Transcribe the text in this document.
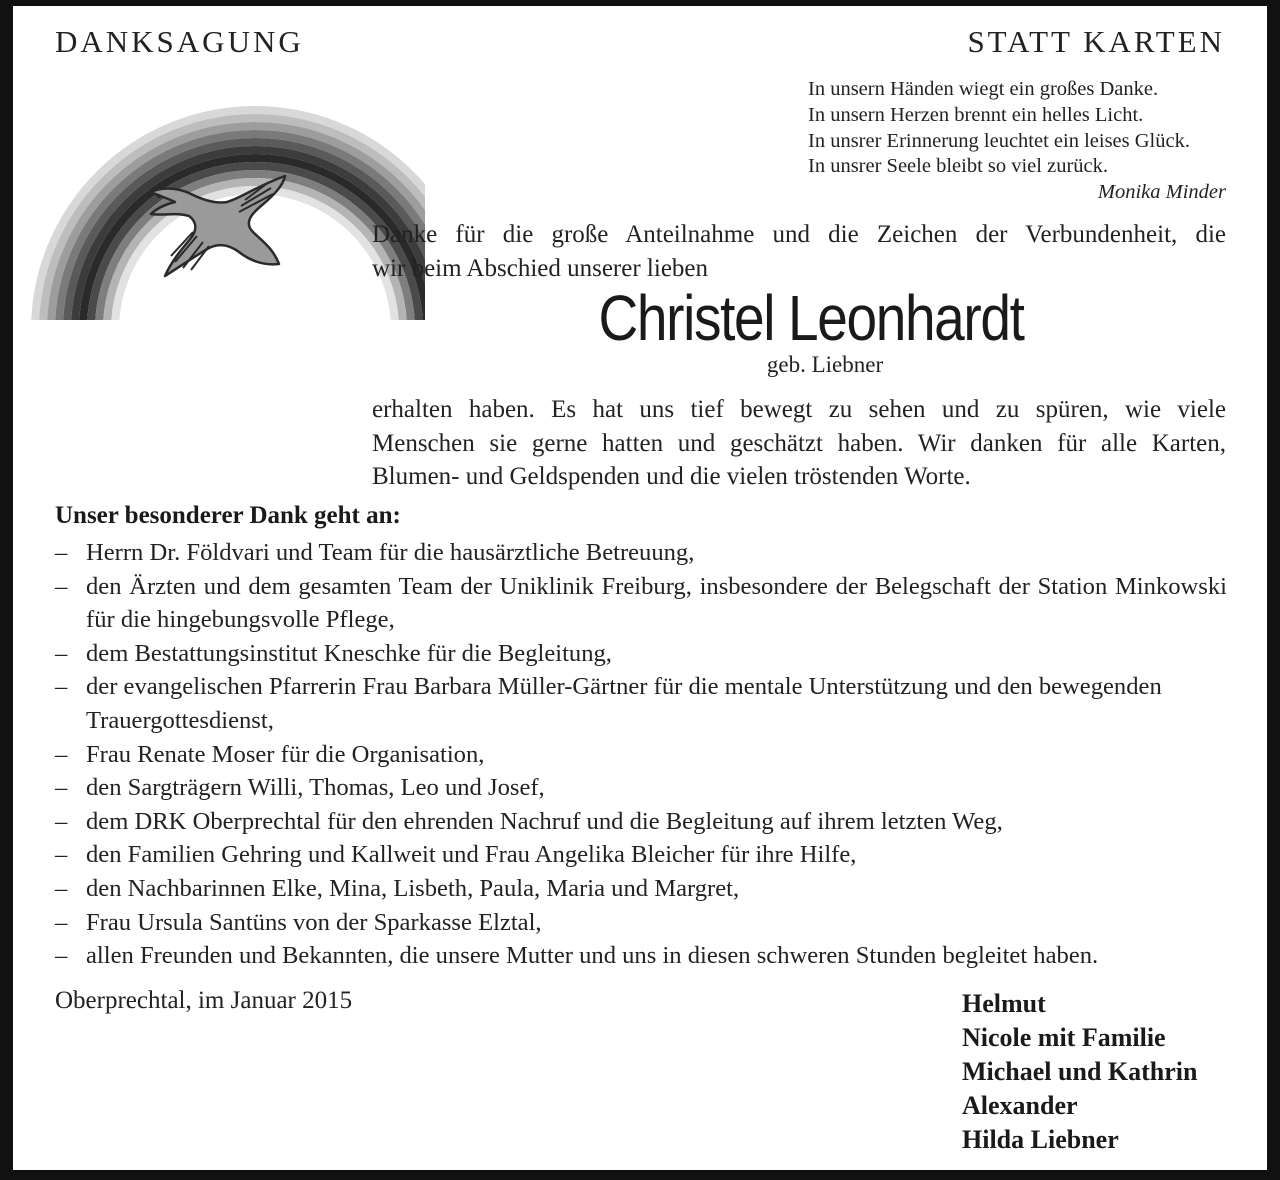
DANKSAGUNG	STATT KARTEN
In unsern Händen wiegt ein großes Danke.
In unsern Herzen brennt ein helles Licht.
In unsrer Erinnerung leuchtet ein leises Glück.
In unsrer Seele bleibt so viel zurück.
Monika Minder
Danke für die große Anteilnahme und die Zeichen der Verbundenheit, die
wir beim Abschied unserer lieben
Christel Leonhardt
geb. Liebner
erhalten haben. Es hat uns tief bewegt zu sehen und zu spüren, wie viele
Menschen sie gerne hatten und geschätzt haben. Wir danken für alle Karten,
Blumen- und Geldspenden und die vielen tröstenden Worte.
Unser besonderer Dank geht an:
– Herrn Dr. Földvari und Team für die hausärztliche Betreuung,
– den Ärzten und dem gesamten Team der Uniklinik Freiburg, insbesondere der Belegschaft der Station Minkowski für die hingebungsvolle Pflege,
– dem Bestattungsinstitut Kneschke für die Begleitung,
– der evangelischen Pfarrerin Frau Barbara Müller-Gärtner für die mentale Unterstützung und den bewegenden Trauergottesdienst,
– Frau Renate Moser für die Organisation,
– den Sargträgern Willi, Thomas, Leo und Josef,
– dem DRK Oberprechtal für den ehrenden Nachruf und die Begleitung auf ihrem letzten Weg,
– den Familien Gehring und Kallweit und Frau Angelika Bleicher für ihre Hilfe,
– den Nachbarinnen Elke, Mina, Lisbeth, Paula, Maria und Margret,
– Frau Ursula Santüns von der Sparkasse Elztal,
– allen Freunden und Bekannten, die unsere Mutter und uns in diesen schweren Stunden begleitet haben.
Oberprechtal, im Januar 2015	Helmut
Nicole mit Familie
Michael und Kathrin
Alexander
Hilda Liebner
